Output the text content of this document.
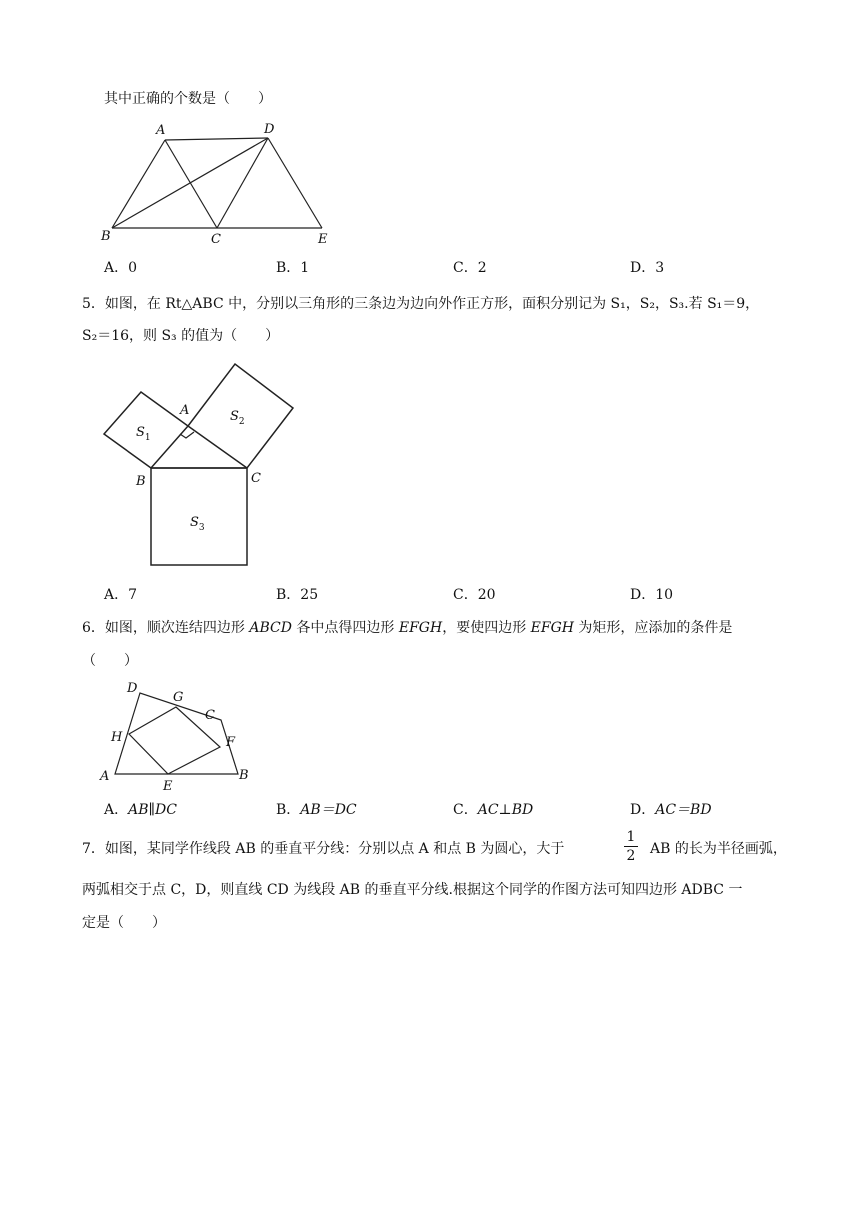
其中正确的个数是（　　）
A	D
B	C	E
A．0	B．1	C．2	D．3
5．如图，在 Rt△ABC 中，分别以三角形的三条边为边向外作正方形，面积分别记为 S₁，S₂，S₃.若 S₁＝9，
S₂＝16，则 S₃ 的值为（　　）
A
B	C
$S_1$
$S_2$
$S_3$
A．7	B．25	C．20	D．10
6．如图，顺次连结四边形 ABCD 各中点得四边形 EFGH，要使四边形 EFGH 为矩形，应添加的条件是
（　　）
A	B
C
D
E
F
G
H
A．AB∥DC	B．AB＝DC	C．AC⊥BD	D．AC＝BD
7．如图，某同学作线段 AB 的垂直平分线：分别以点 A 和点 B 为圆心，大于	$\frac{1}{2}$ AB 的长为半径画弧，
两弧相交于点 C，D，则直线 CD 为线段 AB 的垂直平分线.根据这个同学的作图方法可知四边形 ADBC 一
定是（　　）
